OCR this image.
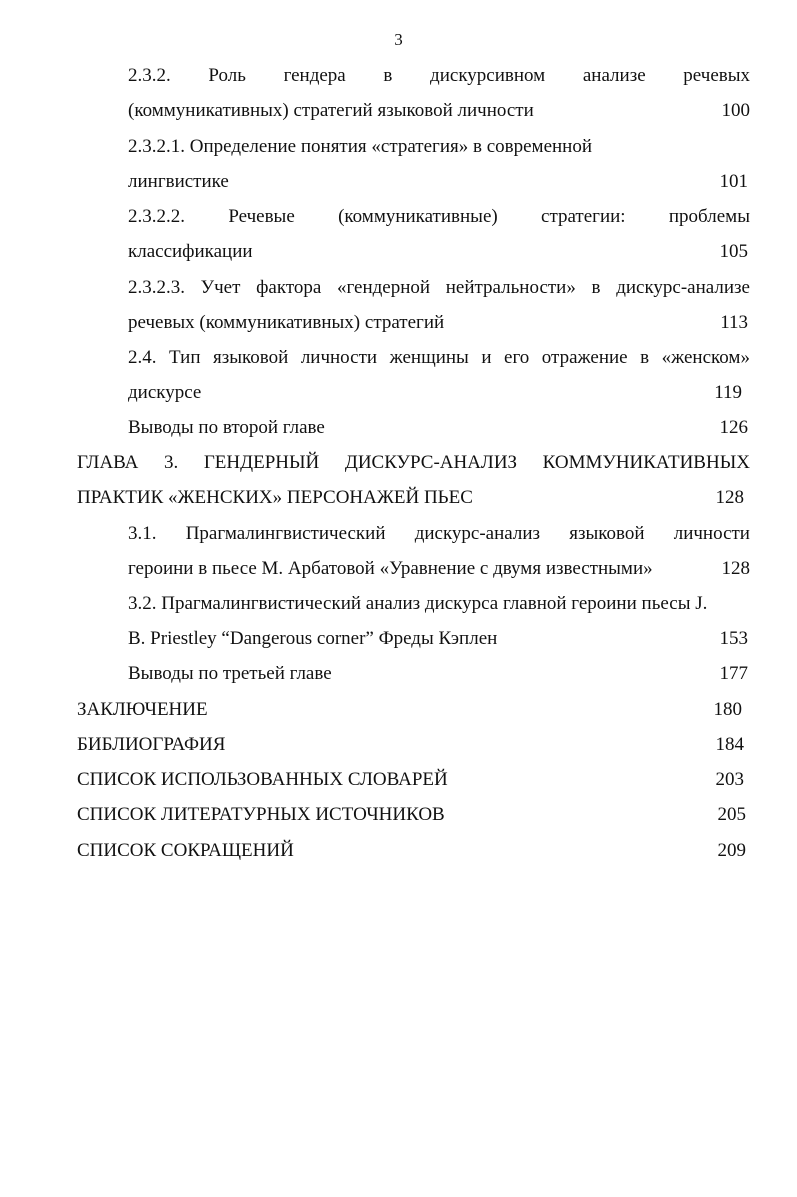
3
2.3.2. Роль гендера в дискурсивном анализе речевых
(коммуникативных) стратегий языковой личности	100
2.3.2.1. Определение понятия «стратегия» в современной
лингвистике	101
2.3.2.2. Речевые (коммуникативные) стратегии: проблемы
классификации	105
2.3.2.3. Учет фактора «гендерной нейтральности» в дискурс-анализе
речевых (коммуникативных) стратегий	113
2.4. Тип языковой личности женщины и его отражение в «женском»
дискурсе	119
Выводы по второй главе	126
ГЛАВА 3. ГЕНДЕРНЫЙ ДИСКУРС-АНАЛИЗ КОММУНИКАТИВНЫХ
ПРАКТИК «ЖЕНСКИХ» ПЕРСОНАЖЕЙ ПЬЕС	128
3.1. Прагмалингвистический дискурс-анализ языковой личности
героини в пьесе М. Арбатовой «Уравнение с двумя известными»	128
3.2. Прагмалингвистический анализ дискурса главной героини пьесы J.
B. Priestley “Dangerous corner” Фреды Кэплен	153
Выводы по третьей главе	177
ЗАКЛЮЧЕНИЕ	180
БИБЛИОГРАФИЯ	184
СПИСОК ИСПОЛЬЗОВАННЫХ СЛОВАРЕЙ	203
СПИСОК ЛИТЕРАТУРНЫХ ИСТОЧНИКОВ	205
СПИСОК СОКРАЩЕНИЙ	209
